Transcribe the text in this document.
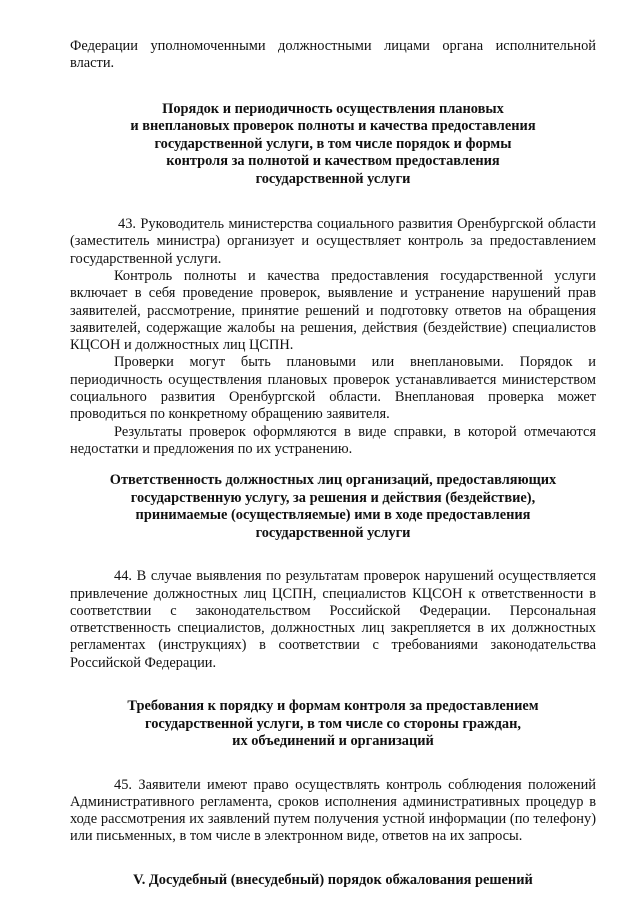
Федерации уполномоченными должностными лицами органа исполнительной власти.

Порядок и периодичность осуществления плановых
и внеплановых проверок полноты и качества предоставления
государственной услуги, в том числе порядок и формы
контроля за полнотой и качеством предоставления
государственной услуги

43. Руководитель министерства социального развития Оренбургской области (заместитель министра) организует и осуществляет контроль за предоставлением государственной услуги.

Контроль полноты и качества предоставления государственной услуги включает в себя проведение проверок, выявление и устранение нарушений прав заявителей, рассмотрение, принятие решений и подготовку ответов на обращения заявителей, содержащие жалобы на решения, действия (бездействие) специалистов КЦСОН и должностных лиц ЦСПН.

Проверки могут быть плановыми или внеплановыми. Порядок и периодичность осуществления плановых проверок устанавливается министерством социального развития Оренбургской области. Внеплановая проверка может проводиться по конкретному обращению заявителя.

Результаты проверок оформляются в виде справки, в которой отмечаются недостатки и предложения по их устранению.

Ответственность должностных лиц организаций, предоставляющих
государственную услугу, за решения и действия (бездействие),
принимаемые (осуществляемые) ими в ходе предоставления
государственной услуги

44. В случае выявления по результатам проверок нарушений осуществляется привлечение должностных лиц ЦСПН, специалистов КЦСОН к ответственности в соответствии с законодательством Российской Федерации. Персональная ответственность специалистов, должностных лиц закрепляется в их должностных регламентах (инструкциях) в соответствии с требованиями законодательства Российской Федерации.

Требования к порядку и формам контроля за предоставлением
государственной услуги, в том числе со стороны граждан,
их объединений и организаций

45. Заявители имеют право осуществлять контроль соблюдения положений Административного регламента, сроков исполнения административных процедур в ходе рассмотрения их заявлений путем получения устной информации (по телефону) или письменных, в том числе в электронном виде, ответов на их запросы.

V. Досудебный (внесудебный) порядок обжалования решений
